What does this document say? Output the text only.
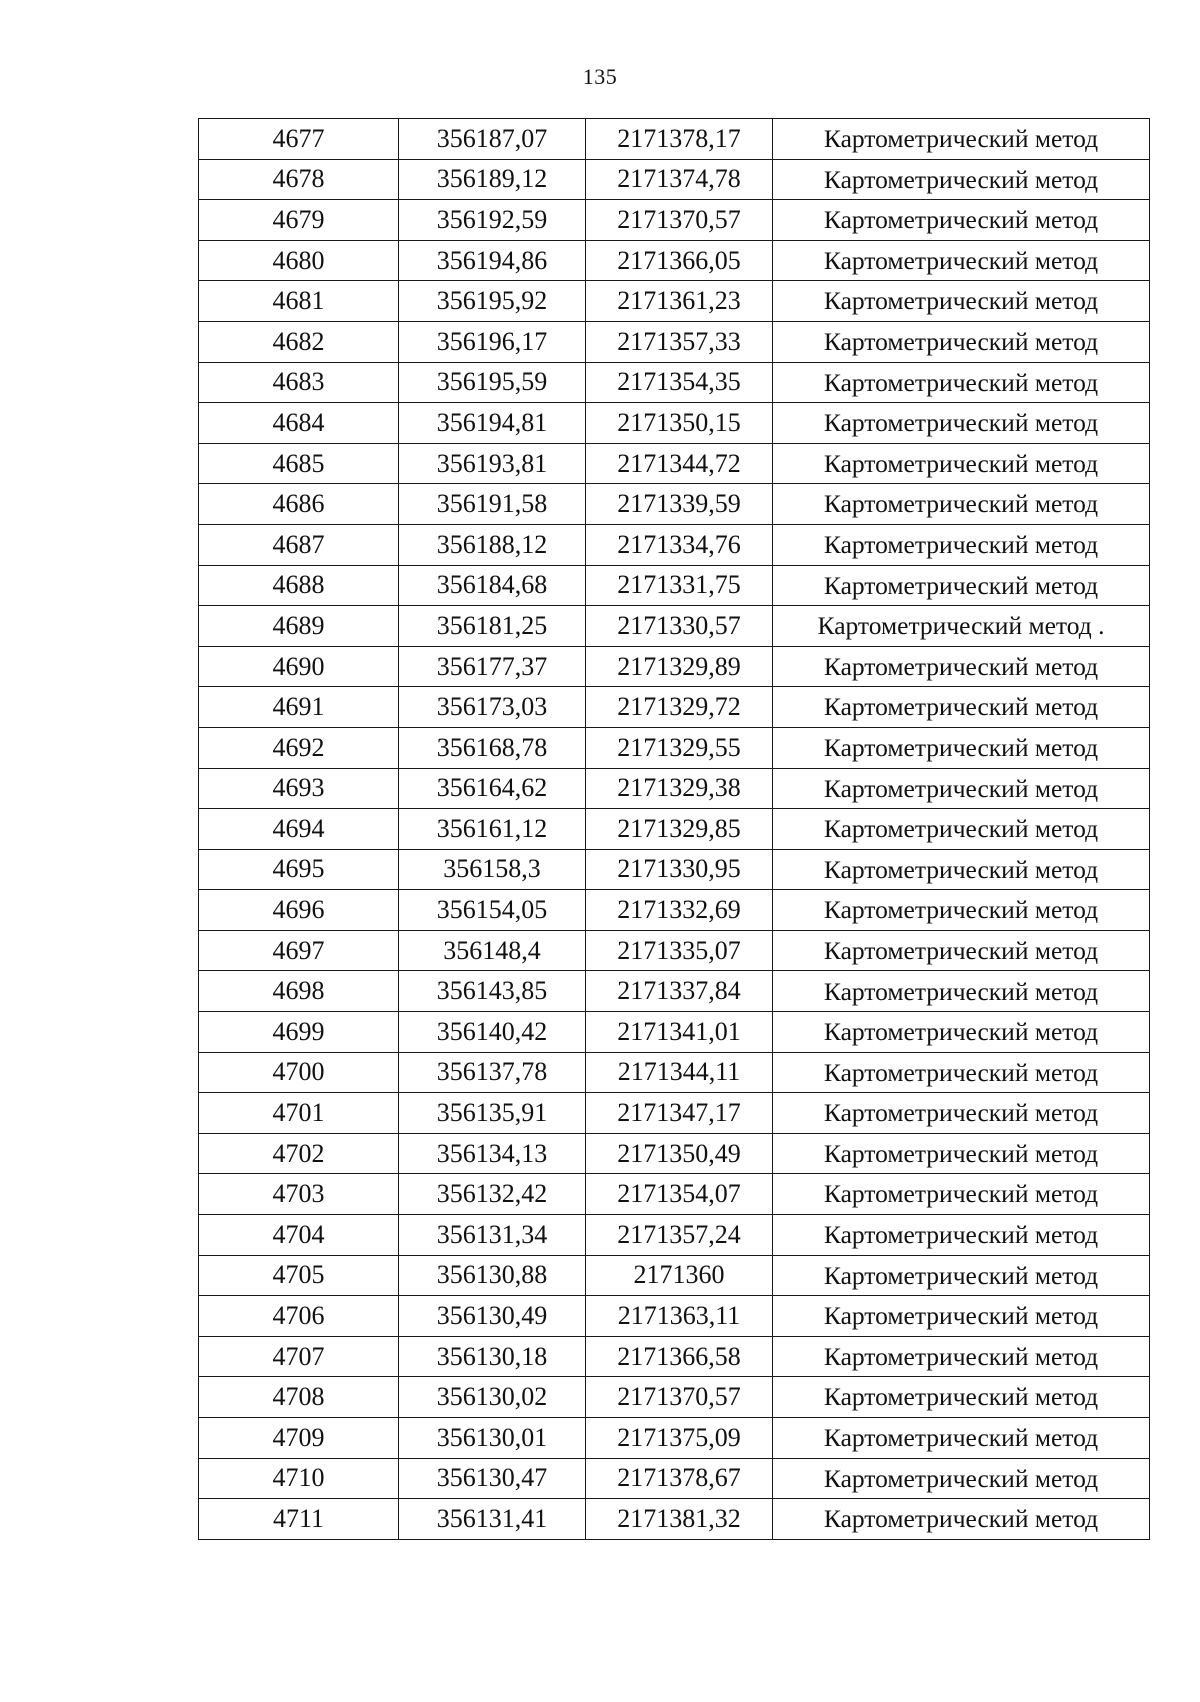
135
4677	356187,07	2171378,17	Картометрический метод
4678	356189,12	2171374,78	Картометрический метод
4679	356192,59	2171370,57	Картометрический метод
4680	356194,86	2171366,05	Картометрический метод
4681	356195,92	2171361,23	Картометрический метод
4682	356196,17	2171357,33	Картометрический метод
4683	356195,59	2171354,35	Картометрический метод
4684	356194,81	2171350,15	Картометрический метод
4685	356193,81	2171344,72	Картометрический метод
4686	356191,58	2171339,59	Картометрический метод
4687	356188,12	2171334,76	Картометрический метод
4688	356184,68	2171331,75	Картометрический метод
4689	356181,25	2171330,57	Картометрический метод .
4690	356177,37	2171329,89	Картометрический метод
4691	356173,03	2171329,72	Картометрический метод
4692	356168,78	2171329,55	Картометрический метод
4693	356164,62	2171329,38	Картометрический метод
4694	356161,12	2171329,85	Картометрический метод
4695	356158,3	2171330,95	Картометрический метод
4696	356154,05	2171332,69	Картометрический метод
4697	356148,4	2171335,07	Картометрический метод
4698	356143,85	2171337,84	Картометрический метод
4699	356140,42	2171341,01	Картометрический метод
4700	356137,78	2171344,11	Картометрический метод
4701	356135,91	2171347,17	Картометрический метод
4702	356134,13	2171350,49	Картометрический метод
4703	356132,42	2171354,07	Картометрический метод
4704	356131,34	2171357,24	Картометрический метод
4705	356130,88	2171360	Картометрический метод
4706	356130,49	2171363,11	Картометрический метод
4707	356130,18	2171366,58	Картометрический метод
4708	356130,02	2171370,57	Картометрический метод
4709	356130,01	2171375,09	Картометрический метод
4710	356130,47	2171378,67	Картометрический метод
4711	356131,41	2171381,32	Картометрический метод
